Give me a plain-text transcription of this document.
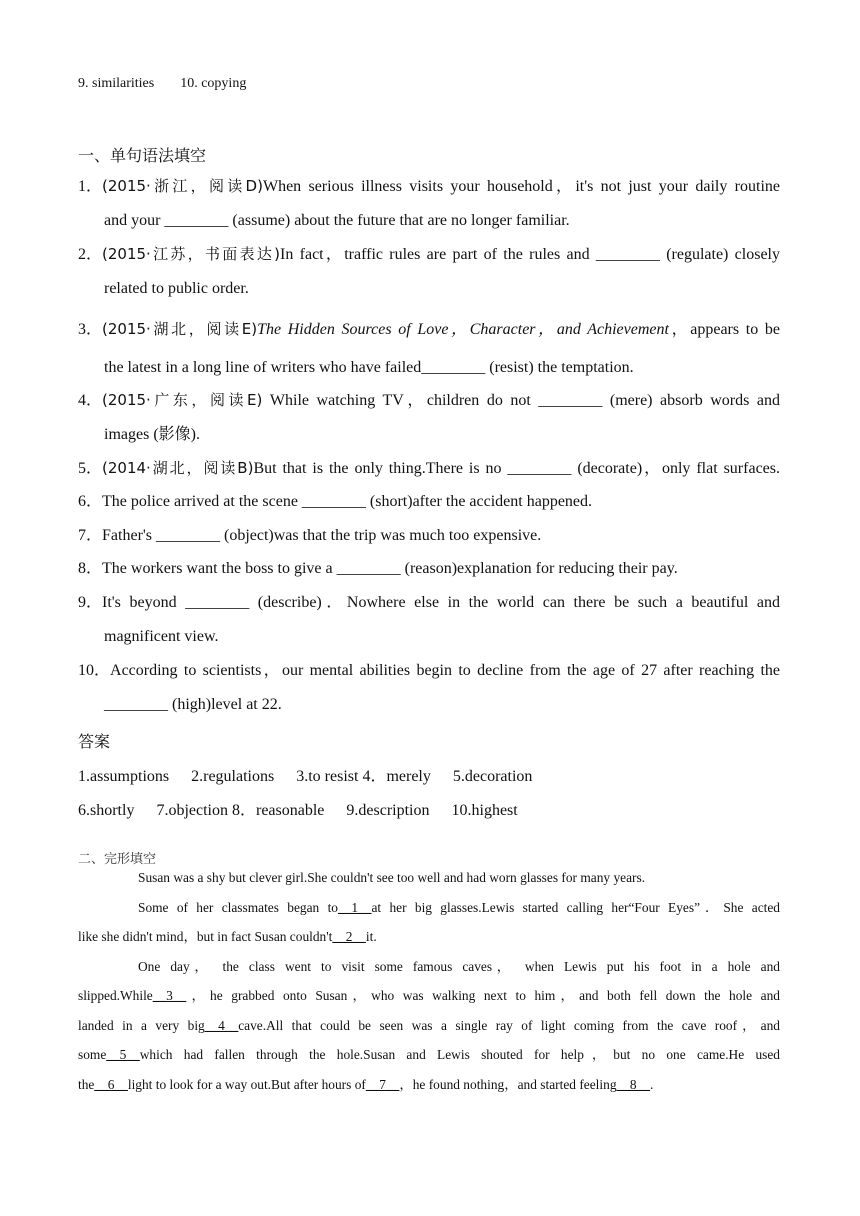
9. similarities 10. copying
一、单句语法填空
1．(2015·浙江，阅读D)When serious illness visits your household，it's not just your daily routine
and your ________ (assume) about the future that are no longer familiar.
2．(2015·江苏，书面表达)In fact，traffic rules are part of the rules and ________ (regulate) closely
related to public order.
3．(2015·湖北，阅读E)The Hidden Sources of Love，Character，and Achievement，appears to be
the latest in a long line of writers who have failed________ (resist) the temptation.
4．(2015·广东，阅读E) While watching TV，children do not ________ (mere) absorb words and
images (影像).
5．(2014·湖北，阅读B)But that is the only thing.There is no ________ (decorate)，only flat surfaces.
6．The police arrived at the scene ________ (short)after the accident happened.
7．Father's ________ (object)was that the trip was much too expensive.
8．The workers want the boss to give a ________ (reason)explanation for reducing their pay.
9．It's beyond ________ (describe)．Nowhere else in the world can there be such a beautiful and
magnificent view.
10．According to scientists，our mental abilities begin to decline from the age of 27 after reaching the
________ (high)level at 22.
答案
1.assumptions 2.regulations 3.to resist 4．merely 5.decoration
6.shortly 7.objection 8．reasonable 9.description 10.highest
二、完形填空

Susan was a shy but clever girl.She couldn't see too well and had worn glasses for many years.

Some of her classmates began to__1__at her big glasses.Lewis started calling her“Four Eyes”．She acted

like she didn't mind，but in fact Susan couldn't__2__it.

One day， the class went to visit some famous caves， when Lewis put his foot in a hole and

slipped.While__3__，he grabbed onto Susan，who was walking next to him，and both fell down the hole and

landed in a very big__4__cave.All that could be seen was a single ray of light coming from the cave roof，and

some__5__which had fallen through the hole.Susan and Lewis shouted for help，but no one came.He used

the__6__light to look for a way out.But after hours of__7__，he found nothing，and started feeling__8__.
